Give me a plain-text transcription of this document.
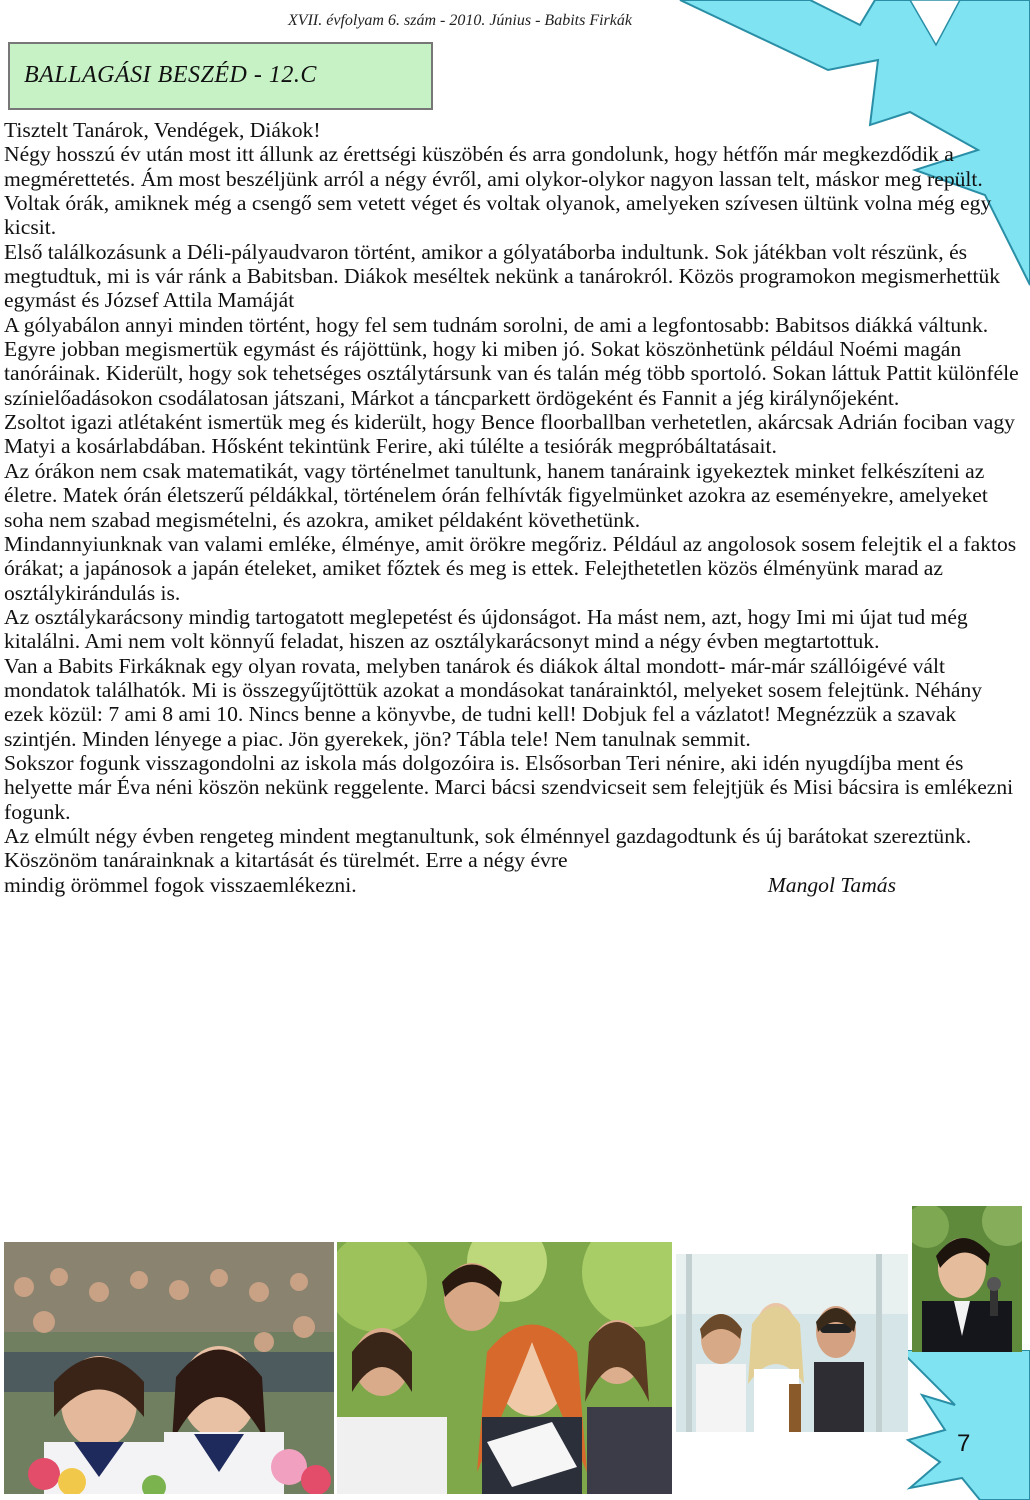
XVII. évfolyam 6. szám - 2010. Június - Babits Firkák
BALLAGÁSI BESZÉD - 12.C

Tisztelt Tanárok, Vendégek, Diákok!

Négy hosszú év után most itt állunk az érettségi küszöbén és arra gondolunk, hogy hétfőn már megkezdődik a megmérettetés. Ám most beszéljünk arról a négy évről, ami olykor-olykor nagyon lassan telt, máskor meg repült. Voltak órák, amiknek még a csengő sem vetett véget és voltak olyanok, amelyeken szívesen ültünk volna még egy kicsit.

Első találkozásunk a Déli-pályaudvaron történt, amikor a gólyatáborba indultunk. Sok játékban volt részünk, és megtudtuk, mi is vár ránk a Babitsban. Diákok meséltek nekünk a tanárokról. Közös programokon megismerhettük egymást és József Attila Mamáját

A gólyabálon annyi minden történt, hogy fel sem tudnám sorolni, de ami a legfontosabb: Babitsos diákká váltunk. Egyre jobban megismertük egymást és rájöttünk, hogy ki miben jó. Sokat köszönhetünk például Noémi magán tanóráinak. Kiderült, hogy sok tehetséges osztálytársunk van és talán még több sportoló. Sokan láttuk Pattit különféle színielőadásokon csodálatosan játszani, Márkot a táncparkett ördögeként és Fannit a jég királynőjeként.

Zsoltot igazi atlétaként ismertük meg és kiderült, hogy Bence floorballban verhetetlen, akárcsak Adrián fociban vagy Matyi a kosárlabdában. Hősként tekintünk Ferire, aki túlélte a tesiórák megpróbáltatásait.

Az órákon nem csak matematikát, vagy történelmet tanultunk, hanem tanáraink igyekeztek minket felkészíteni az életre. Matek órán életszerű példákkal, történelem órán felhívták figyelmünket azokra az eseményekre, amelyeket soha nem szabad megismételni, és azokra, amiket példaként követhetünk.

Mindannyiunknak van valami emléke, élménye, amit örökre megőriz. Például az angolosok sosem felejtik el a faktos órákat; a japánosok a japán ételeket, amiket főztek és meg is ettek. Felejthetetlen közös élményünk marad az osztálykirándulás is.

Az osztálykarácsony mindig tartogatott meglepetést és újdonságot. Ha mást nem, azt, hogy Imi mi újat tud még kitalálni. Ami nem volt könnyű feladat, hiszen az osztálykarácsonyt mind a négy évben megtartottuk.

Van a Babits Firkáknak egy olyan rovata, melyben tanárok és diákok által mondott- már-már szállóigévé vált mondatok találhatók. Mi is összegyűjtöttük azokat a mondásokat tanárainktól, melyeket sosem felejtünk. Néhány ezek közül: 7 ami 8 ami 10. Nincs benne a könyvbe, de tudni kell! Dobjuk fel a vázlatot! Megnézzük a szavak szintjén. Minden lényege a piac. Jön gyerekek, jön? Tábla tele! Nem tanulnak semmit.

Sokszor fogunk visszagondolni az iskola más dolgozóira is. Elsősorban Teri nénire, aki idén nyugdíjba ment és helyette már Éva néni köszön nekünk reggelente. Marci bácsi szendvicseit sem felejtjük és Misi bácsira is emlékezni fogunk.

Az elmúlt négy évben rengeteg mindent megtanultunk, sok élménnyel gazdagodtunk és új barátokat szereztünk. Köszönöm tanárainknak a kitartását és türelmét. Erre a négy évre

mindig örömmel fogok visszaemlékezni.	Mangol Tamás
7
